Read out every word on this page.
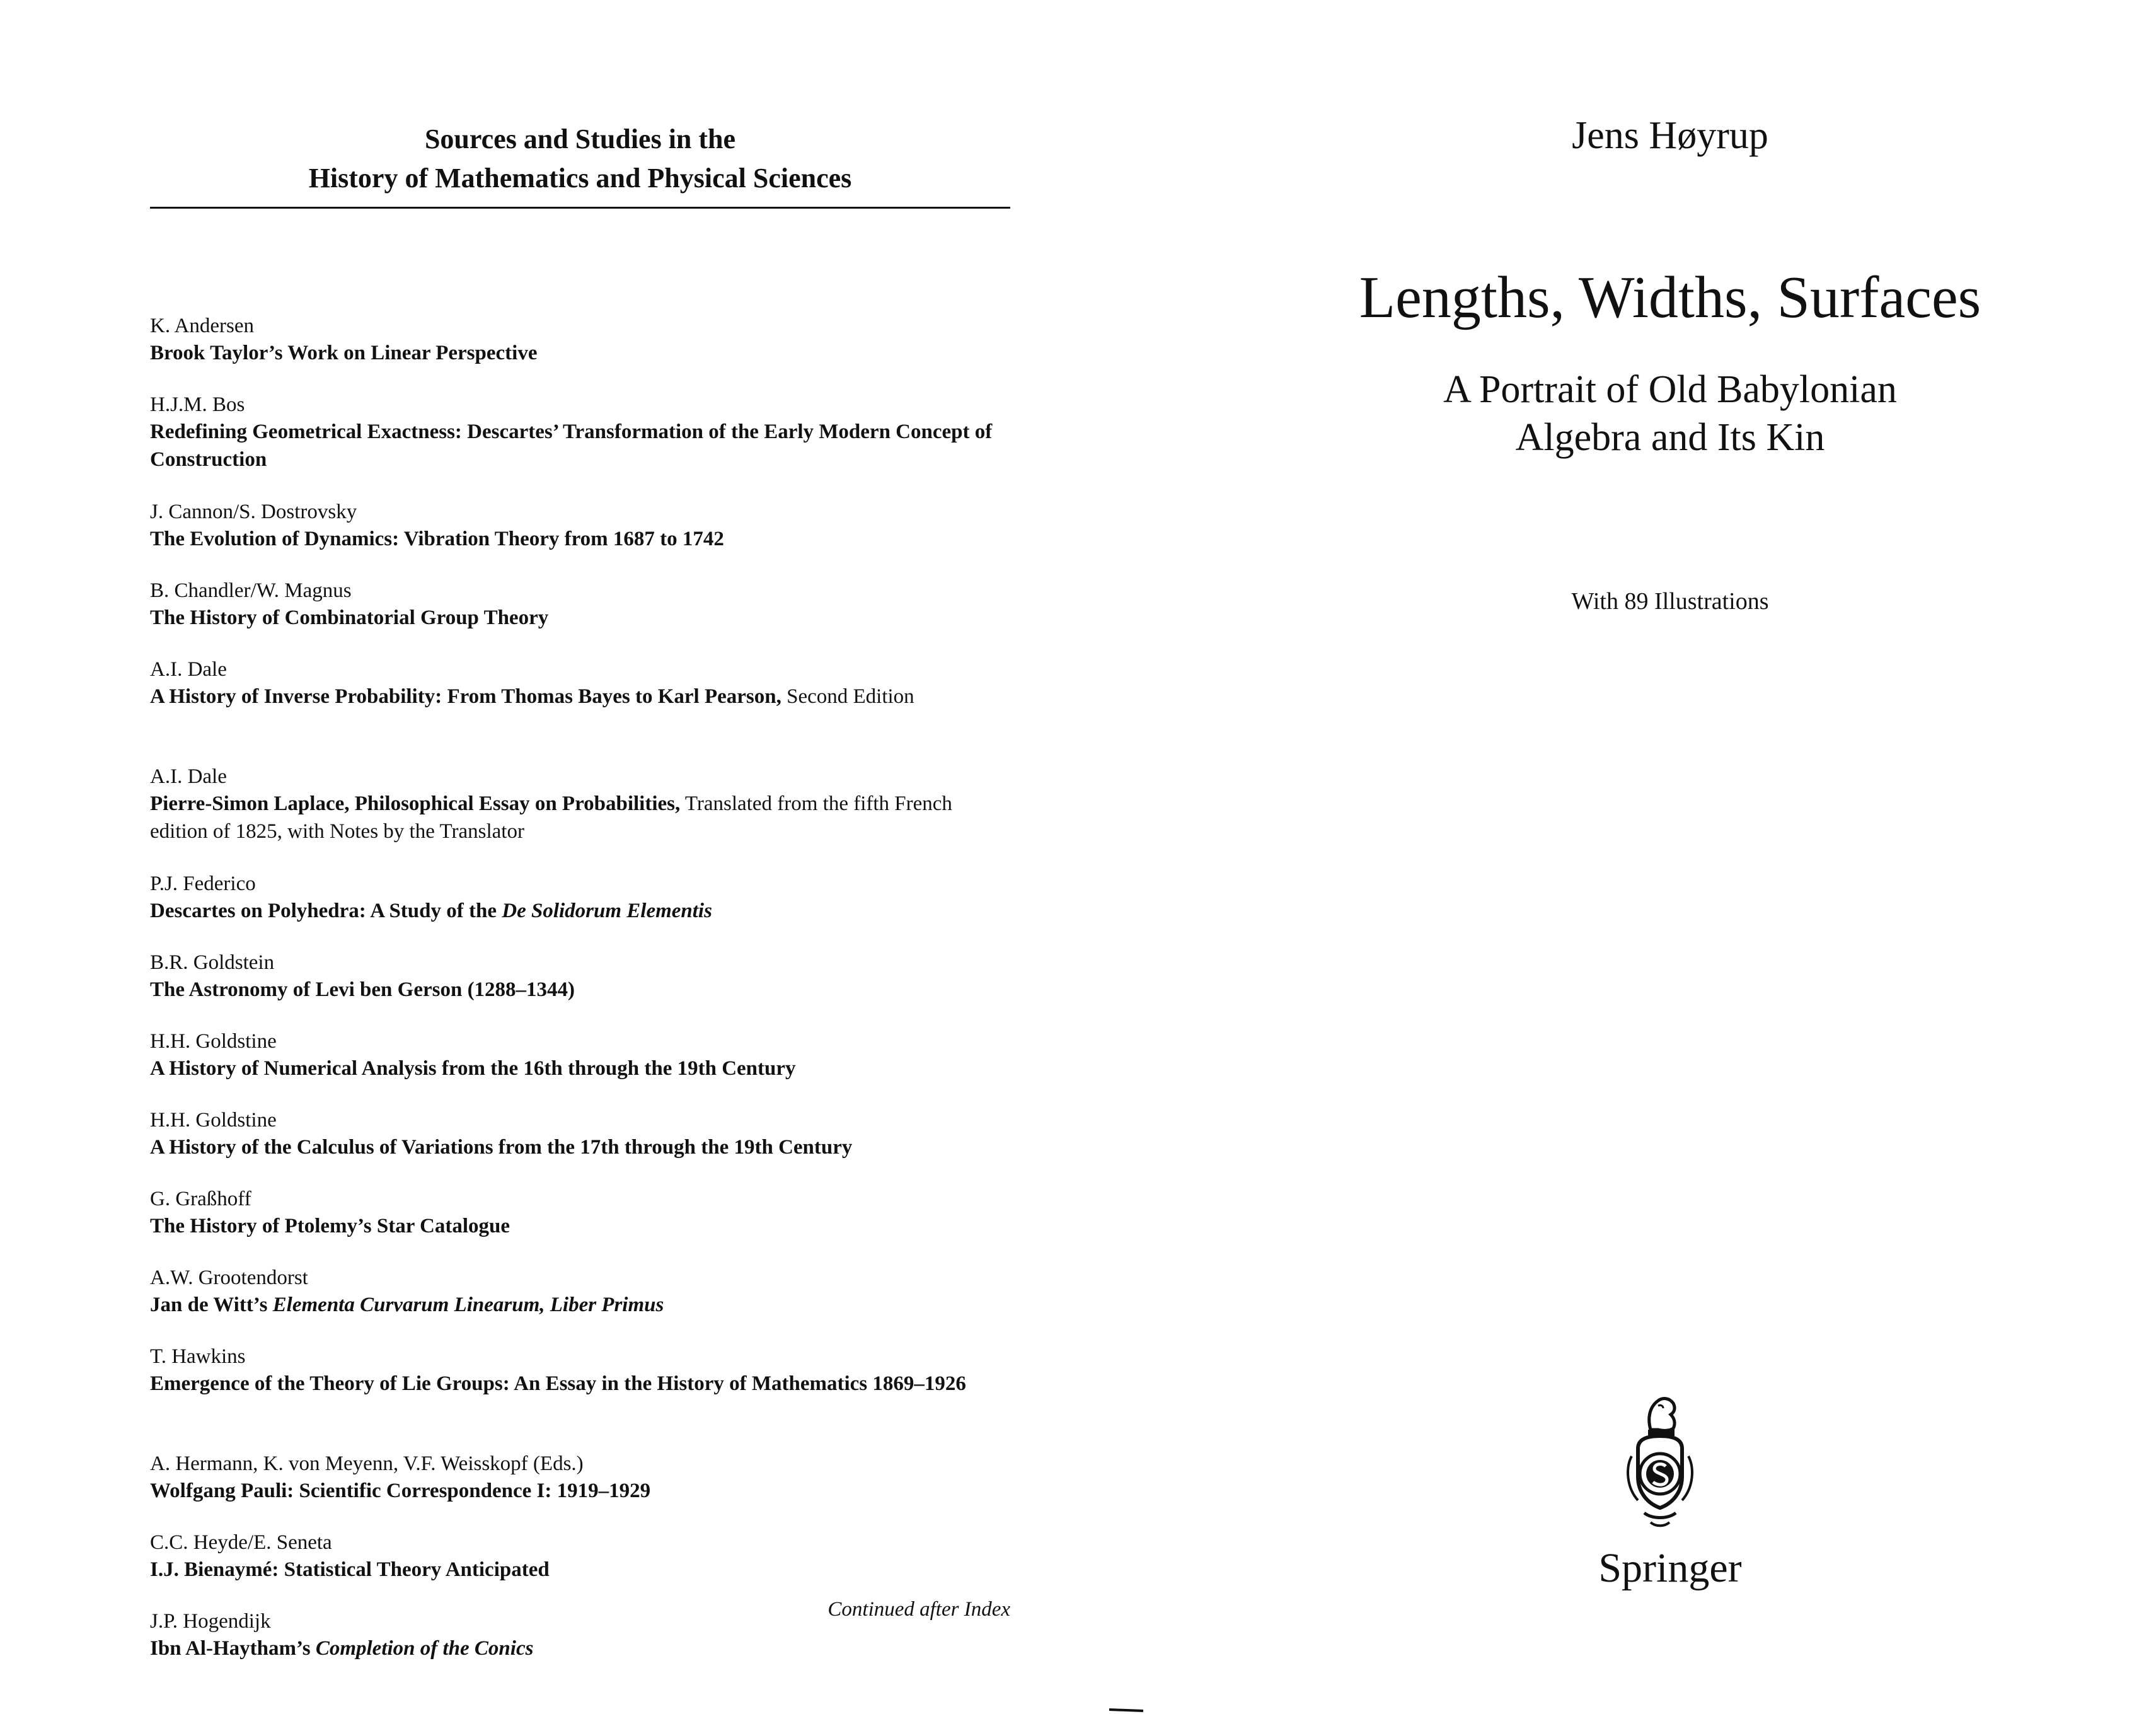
Sources and Studies in the
History of Mathematics and Physical Sciences
K. Andersen
Brook Taylor’s Work on Linear Perspective
H.J.M. Bos
Redefining Geometrical Exactness: Descartes’ Transformation of the Early Modern Concept of Construction
J. Cannon/S. Dostrovsky
The Evolution of Dynamics: Vibration Theory from 1687 to 1742
B. Chandler/W. Magnus
The History of Combinatorial Group Theory
A.I. Dale
A History of Inverse Probability: From Thomas Bayes to Karl Pearson, Second Edition
A.I. Dale
Pierre-Simon Laplace, Philosophical Essay on Probabilities, Translated from the fifth French edition of 1825, with Notes by the Translator
P.J. Federico
Descartes on Polyhedra: A Study of the De Solidorum Elementis
B.R. Goldstein
The Astronomy of Levi ben Gerson (1288–1344)
H.H. Goldstine
A History of Numerical Analysis from the 16th through the 19th Century
H.H. Goldstine
A History of the Calculus of Variations from the 17th through the 19th Century
G. Graßhoff
The History of Ptolemy’s Star Catalogue
A.W. Grootendorst
Jan de Witt’s Elementa Curvarum Linearum, Liber Primus
T. Hawkins
Emergence of the Theory of Lie Groups: An Essay in the History of Mathematics 1869–1926
A. Hermann, K. von Meyenn, V.F. Weisskopf (Eds.)
Wolfgang Pauli: Scientific Correspondence I: 1919–1929
C.C. Heyde/E. Seneta
I.J. Bienaymé: Statistical Theory Anticipated
J.P. Hogendijk
Ibn Al-Haytham’s Completion of the Conics
Continued after Index
Jens Høyrup
Lengths, Widths, Surfaces
A Portrait of Old Babylonian
Algebra and Its Kin
With 89 Illustrations
Springer
